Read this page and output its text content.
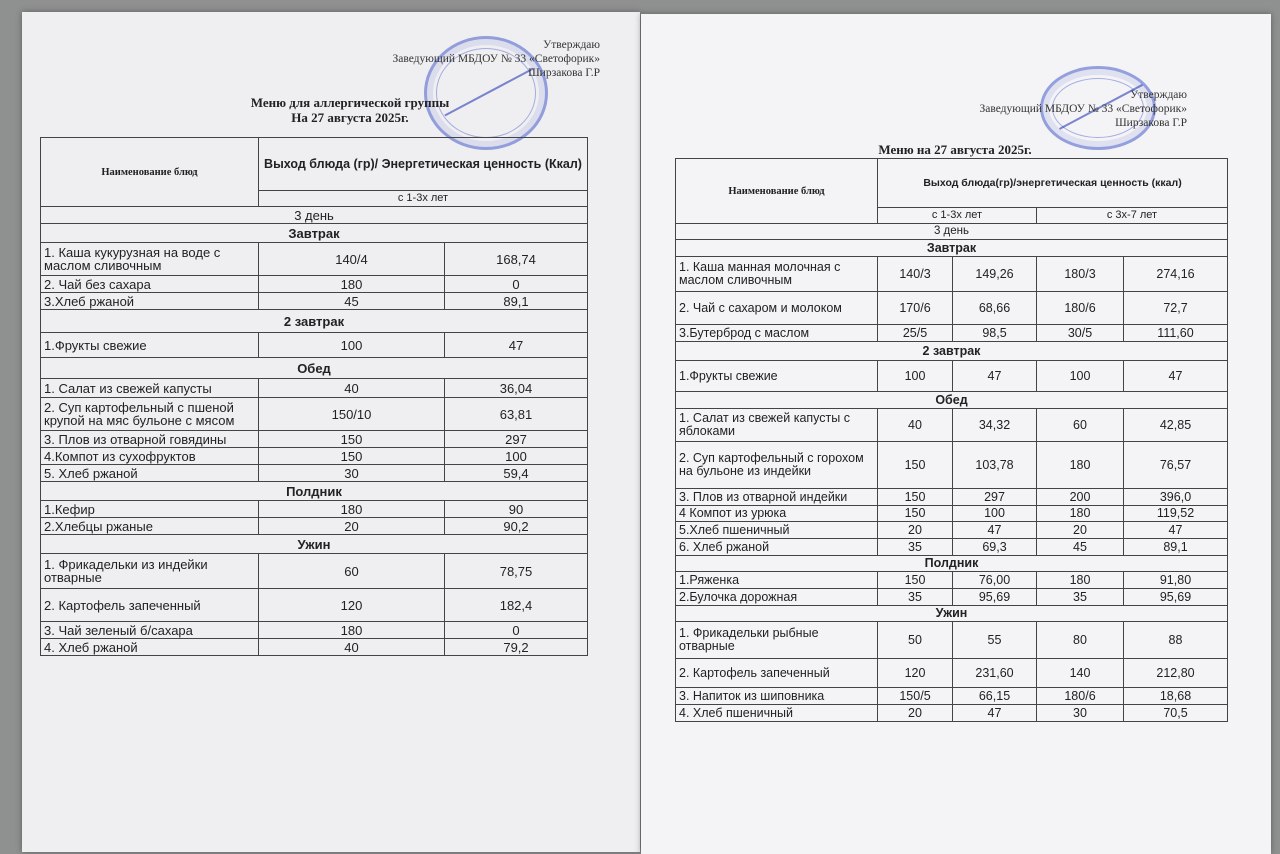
Утверждаю
Заведующий МБДОУ № 33 «Светофорик»
Ширзакова Г.Р
Меню для аллергической группы
На 27 августа 2025г.
Наименование блюд	Выход блюда (гр)/ Энергетическая ценность (Ккал)	
	с 1-3х лет	
3 день		
Завтрак		
1. Каша кукурузная на воде с маслом сливочным	140/4	168,74
2. Чай без сахара	180	0
3.Хлеб ржаной	45	89,1
2 завтрак		
1.Фрукты свежие	100	47
Обед		
1. Салат из свежей капусты	40	36,04
2. Суп картофельный с пшеной крупой на мяс бульоне с мясом	150/10	63,81
3. Плов из отварной говядины	150	297
4.Компот из сухофруктов	150	100
5. Хлеб ржаной	30	59,4
Полдник		
1.Кефир	180	90
2.Хлебцы ржаные	20	90,2
Ужин		
1. Фрикадельки из индейки отварные	60	78,75
2. Картофель запеченный	120	182,4
3. Чай зеленый б/сахара	180	0
4. Хлеб ржаной	40	79,2
Утверждаю
Заведующий МБДОУ № 33 «Светофорик»
Ширзакова Г.Р
Меню на 27 августа 2025г.
Наименование блюд	Выход блюда(гр)/энергетическая ценность (ккал)			
	с 1-3х лет		с 3х-7 лет	
3 день				
Завтрак				
1. Каша манная молочная с маслом сливочным	140/3	149,26	180/3	274,16
2. Чай с сахаром и молоком	170/6	68,66	180/6	72,7
3.Бутерброд с маслом	25/5	98,5	30/5	111,60
2 завтрак				
1.Фрукты свежие	100	47	100	47
Обед				
1. Салат из свежей капусты с яблоками	40	34,32	60	42,85
2. Суп картофельный с горохом на бульоне из индейки	150	103,78	180	76,57
3. Плов из отварной индейки	150	297	200	396,0
4 Компот из урюка	150	100	180	119,52
5.Хлеб пшеничный	20	47	20	47
6. Хлеб ржаной	35	69,3	45	89,1
Полдник				
1.Ряженка	150	76,00	180	91,80
2.Булочка дорожная	35	95,69	35	95,69
Ужин				
1. Фрикадельки рыбные отварные	50	55	80	88
2. Картофель запеченный	120	231,60	140	212,80
3. Напиток из шиповника	150/5	66,15	180/6	18,68
4. Хлеб пшеничный	20	47	30	70,5
